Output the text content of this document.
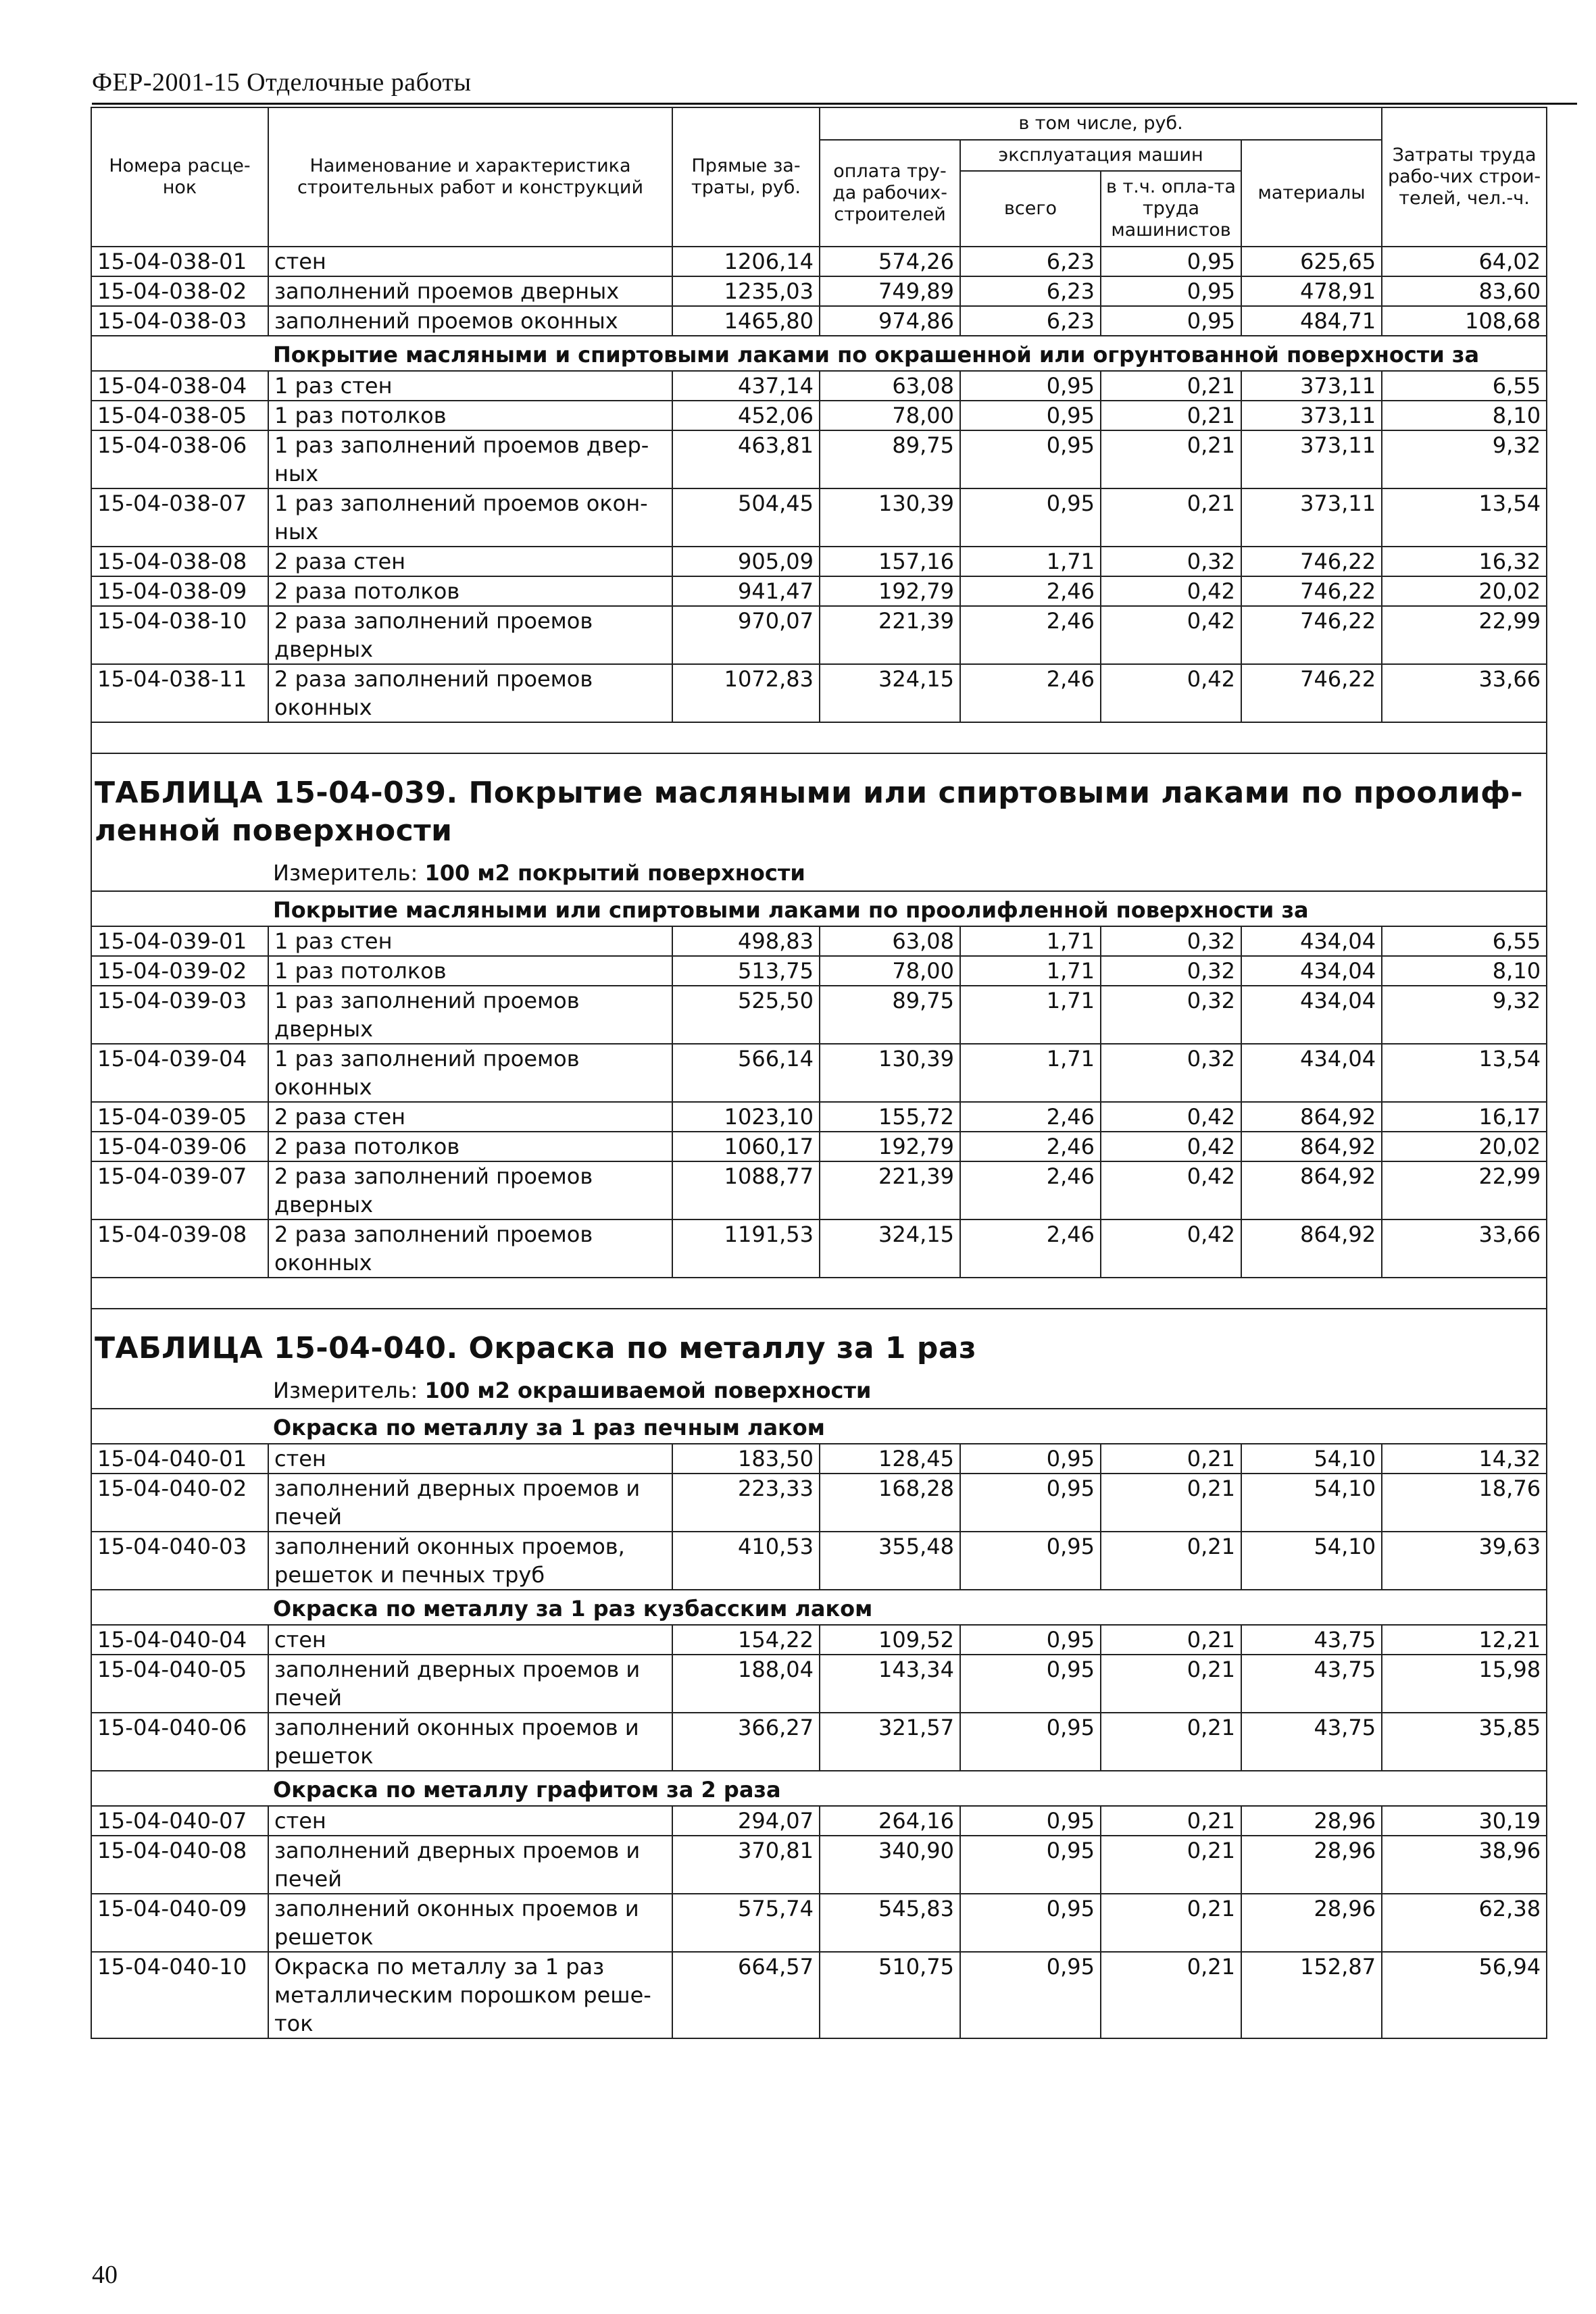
ФЕР-2001-15 Отделочные работы
Номера расце-нок	Наименование и характеристика строительных работ и конструкций	Прямые за-траты, руб.	в том числе, руб.				Затраты труда рабо-чих строи-телей, чел.-ч.
			оплата тру-да рабочих-строителей	эксплуатация машин		материалы	
				всего	в т.ч. опла-та труда машинистов		
15-04-038-01	стен	1206,14	574,26	6,23	0,95	625,65	64,02
15-04-038-02	заполнений проемов дверных	1235,03	749,89	6,23	0,95	478,91	83,60
15-04-038-03	заполнений проемов оконных	1465,80	974,86	6,23	0,95	484,71	108,68
Покрытие масляными и спиртовыми лаками по окрашенной или огрунтованной поверхности за							
15-04-038-04	1 раз стен	437,14	63,08	0,95	0,21	373,11	6,55
15-04-038-05	1 раз потолков	452,06	78,00	0,95	0,21	373,11	8,10
15-04-038-06	1 раз заполнений проемов двер-ных	463,81	89,75	0,95	0,21	373,11	9,32
15-04-038-07	1 раз заполнений проемов окон-ных	504,45	130,39	0,95	0,21	373,11	13,54
15-04-038-08	2 раза стен	905,09	157,16	1,71	0,32	746,22	16,32
15-04-038-09	2 раза потолков	941,47	192,79	2,46	0,42	746,22	20,02
15-04-038-10	2 раза заполнений проемов дверных	970,07	221,39	2,46	0,42	746,22	22,99
15-04-038-11	2 раза заполнений проемов оконных	1072,83	324,15	2,46	0,42	746,22	33,66

ТАБЛИЦА 15-04-039. Покрытие масляными или спиртовыми лаками по проолиф-ленной поверхности							
Измеритель: 100 м2 покрытий поверхности							
Покрытие масляными или спиртовыми лаками по проолифленной поверхности за							
15-04-039-01	1 раз стен	498,83	63,08	1,71	0,32	434,04	6,55
15-04-039-02	1 раз потолков	513,75	78,00	1,71	0,32	434,04	8,10
15-04-039-03	1 раз заполнений проемов дверных	525,50	89,75	1,71	0,32	434,04	9,32
15-04-039-04	1 раз заполнений проемов оконных	566,14	130,39	1,71	0,32	434,04	13,54
15-04-039-05	2 раза стен	1023,10	155,72	2,46	0,42	864,92	16,17
15-04-039-06	2 раза потолков	1060,17	192,79	2,46	0,42	864,92	20,02
15-04-039-07	2 раза заполнений проемов дверных	1088,77	221,39	2,46	0,42	864,92	22,99
15-04-039-08	2 раза заполнений проемов оконных	1191,53	324,15	2,46	0,42	864,92	33,66

ТАБЛИЦА 15-04-040. Окраска по металлу за 1 раз							
Измеритель: 100 м2 окрашиваемой поверхности							
Окраска по металлу за 1 раз печным лаком							
15-04-040-01	стен	183,50	128,45	0,95	0,21	54,10	14,32
15-04-040-02	заполнений дверных проемов и печей	223,33	168,28	0,95	0,21	54,10	18,76
15-04-040-03	заполнений оконных проемов, решеток и печных труб	410,53	355,48	0,95	0,21	54,10	39,63
Окраска по металлу за 1 раз кузбасским лаком							
15-04-040-04	стен	154,22	109,52	0,95	0,21	43,75	12,21
15-04-040-05	заполнений дверных проемов и печей	188,04	143,34	0,95	0,21	43,75	15,98
15-04-040-06	заполнений оконных проемов и решеток	366,27	321,57	0,95	0,21	43,75	35,85
Окраска по металлу графитом за 2 раза							
15-04-040-07	стен	294,07	264,16	0,95	0,21	28,96	30,19
15-04-040-08	заполнений дверных проемов и печей	370,81	340,90	0,95	0,21	28,96	38,96
15-04-040-09	заполнений оконных проемов и решеток	575,74	545,83	0,95	0,21	28,96	62,38
15-04-040-10	Окраска по металлу за 1 раз металлическим порошком реше-ток	664,57	510,75	0,95	0,21	152,87	56,94
40
